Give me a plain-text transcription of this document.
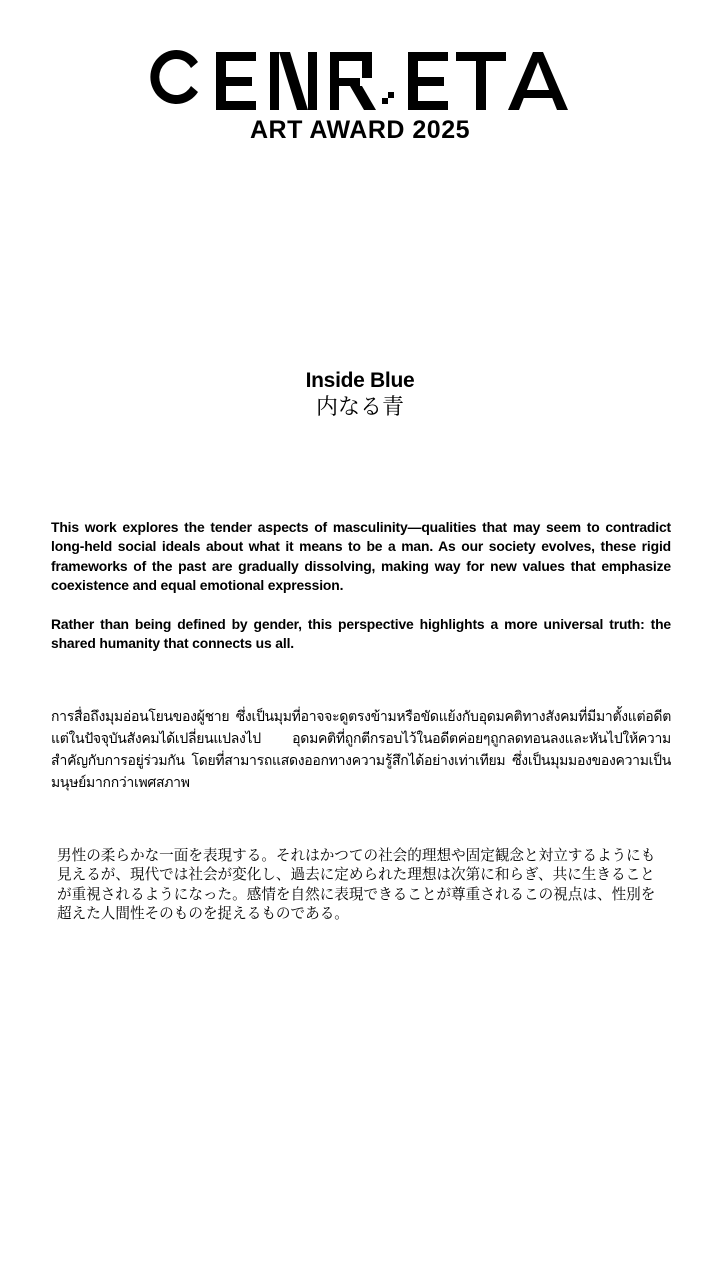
ART AWARD 2025
Inside Blue
内なる青

This work explores the tender aspects of masculinity—qualities that may seem to contradict long-held social ideals about what it means to be a man. As our society evolves, these rigid frameworks of the past are gradually dissolving, making way for new values that emphasize coexistence and equal emotional expression.

Rather than being defined by gender, this perspective highlights a more universal truth: the shared humanity that connects us all.

การสื่อถึงมุมอ่อนโยนของผู้ชาย ซึ่งเป็นมุมที่อาจจะดูตรงข้ามหรือขัดแย้งกับอุดมคติทางสังคมที่มีมาตั้งแต่อดีต แต่ในปัจจุบันสังคมได้เปลี่ยนแปลงไป อุดมคติที่ถูกตีกรอบไว้ในอดีตค่อยๆถูกลดทอนลงและหันไปให้ความสำคัญกับการอยู่ร่วมกัน โดยที่สามารถแสดงออกทางความรู้สึกได้อย่างเท่าเทียม ซึ่งเป็นมุมมองของความเป็นมนุษย์มากกว่าเพศสภาพ

男性の柔らかな一面を表現する。それはかつての社会的理想や固定観念と対立するようにも見えるが、現代では社会が変化し、過去に定められた理想は次第に和らぎ、共に生きることが重視されるようになった。感情を自然に表現できることが尊重されるこの視点は、性別を超えた人間性そのものを捉えるものである。
